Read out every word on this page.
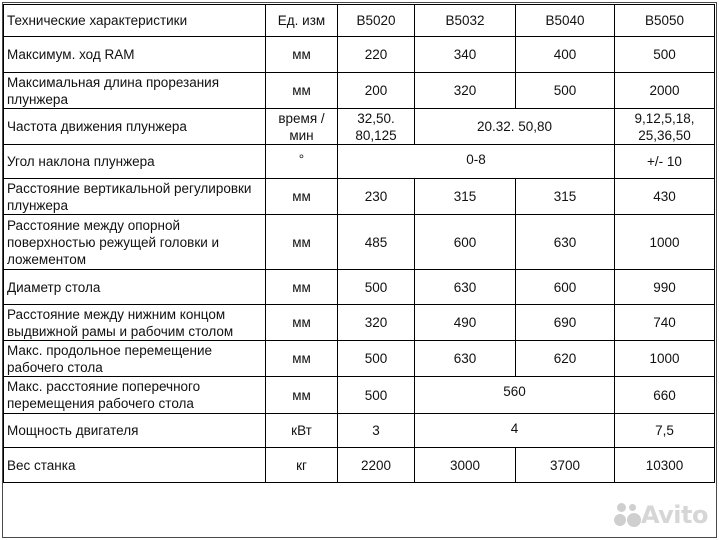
Технические характеристики	Ед. изм	В5020	В5032	В5040	В5050
Максимум. ход RAM	мм	220	340	400	500
Максимальная длина прорезания плунжера	мм	200	320	500	2000
Частота движения плунжера	время / мин	32,50. 80,125	20.32. 50,80		9,12,5,18, 25,36,50
Угол наклона плунжера	°	0-8			+/- 10
Расстояние вертикальной регулировки плунжера	мм	230	315	315	430
Расстояние между опорной поверхностью режущей головки и ложементом	мм	485	600	630	1000
Диаметр стола	мм	500	630	600	990
Расстояние между нижним концом выдвижной рамы и рабочим столом	мм	320	490	690	740
Макс. продольное перемещение рабочего стола	мм	500	630	620	1000
Макс. расстояние поперечного перемещения рабочего стола	мм	500	560		660
Мощность двигателя	кВт	3	4		7,5
Вес станка	кг	2200	3000	3700	10300
Avito
